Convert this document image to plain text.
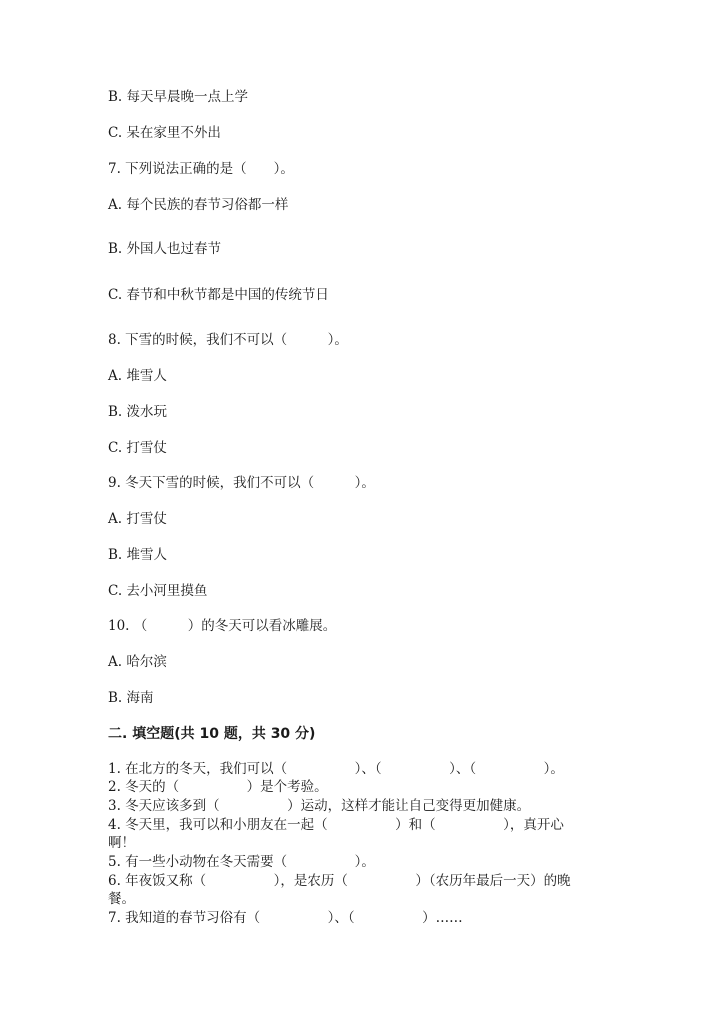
B. 每天早晨晚一点上学
C. 呆在家里不外出
7. 下列说法正确的是（　　）。
A. 每个民族的春节习俗都一样
B. 外国人也过春节
C. 春节和中秋节都是中国的传统节日
8. 下雪的时候，我们不可以（　　　）。
A. 堆雪人
B. 泼水玩
C. 打雪仗
9. 冬天下雪的时候，我们不可以（　　　）。
A. 打雪仗
B. 堆雪人
C. 去小河里摸鱼
10. （　　　）的冬天可以看冰雕展。
A. 哈尔滨
B. 海南
二. 填空题(共 10 题，共 30 分)
1. 在北方的冬天，我们可以（　　　　　）、（　　　　　）、（　　　　　）。
2. 冬天的（　　　　　）是个考验。
3. 冬天应该多到（　　　　　）运动，这样才能让自己变得更加健康。
4. 冬天里，我可以和小朋友在一起（　　　　　）和（　　　　　），真开心
啊！
5. 有一些小动物在冬天需要（　　　　　）。
6. 年夜饭又称（　　　　　），是农历（　　　　　）（农历年最后一天）的晚
餐。
7. 我知道的春节习俗有（　　　　　）、（　　　　　）……
